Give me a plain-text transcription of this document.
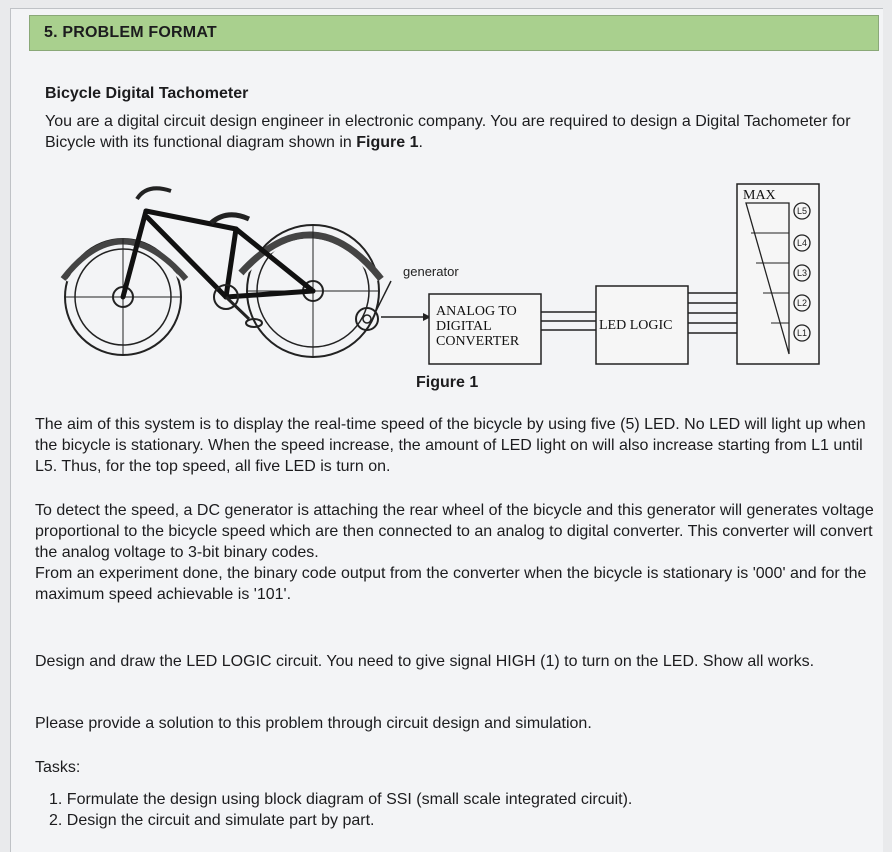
5. PROBLEM FORMAT
Bicycle Digital Tachometer
You are a digital circuit design engineer in electronic company. You are required to design a Digital Tachometer for Bicycle with its functional diagram shown in Figure 1.
generator
ANALOG TO
DIGITAL
CONVERTER
LED LOGIC
MAX
L5
L4
L3
L2
L1
Figure 1
The aim of this system is to display the real-time speed of the bicycle by using five (5) LED. No LED will light up when the bicycle is stationary. When the speed increase, the amount of LED light on will also increase starting from L1 until L5. Thus, for the top speed, all five LED is turn on.
To detect the speed, a DC generator is attaching the rear wheel of the bicycle and this generator will generates voltage proportional to the bicycle speed which are then connected to an analog to digital converter. This converter will convert the analog voltage to 3-bit binary codes.
From an experiment done, the binary code output from the converter when the bicycle is stationary is '000' and for the maximum speed achievable is '101'.
Design and draw the LED LOGIC circuit. You need to give signal HIGH (1) to turn on the LED. Show all works.
Please provide a solution to this problem through circuit design and simulation.
Tasks:
1. Formulate the design using block diagram of SSI (small scale integrated circuit).
2. Design the circuit and simulate part by part.
